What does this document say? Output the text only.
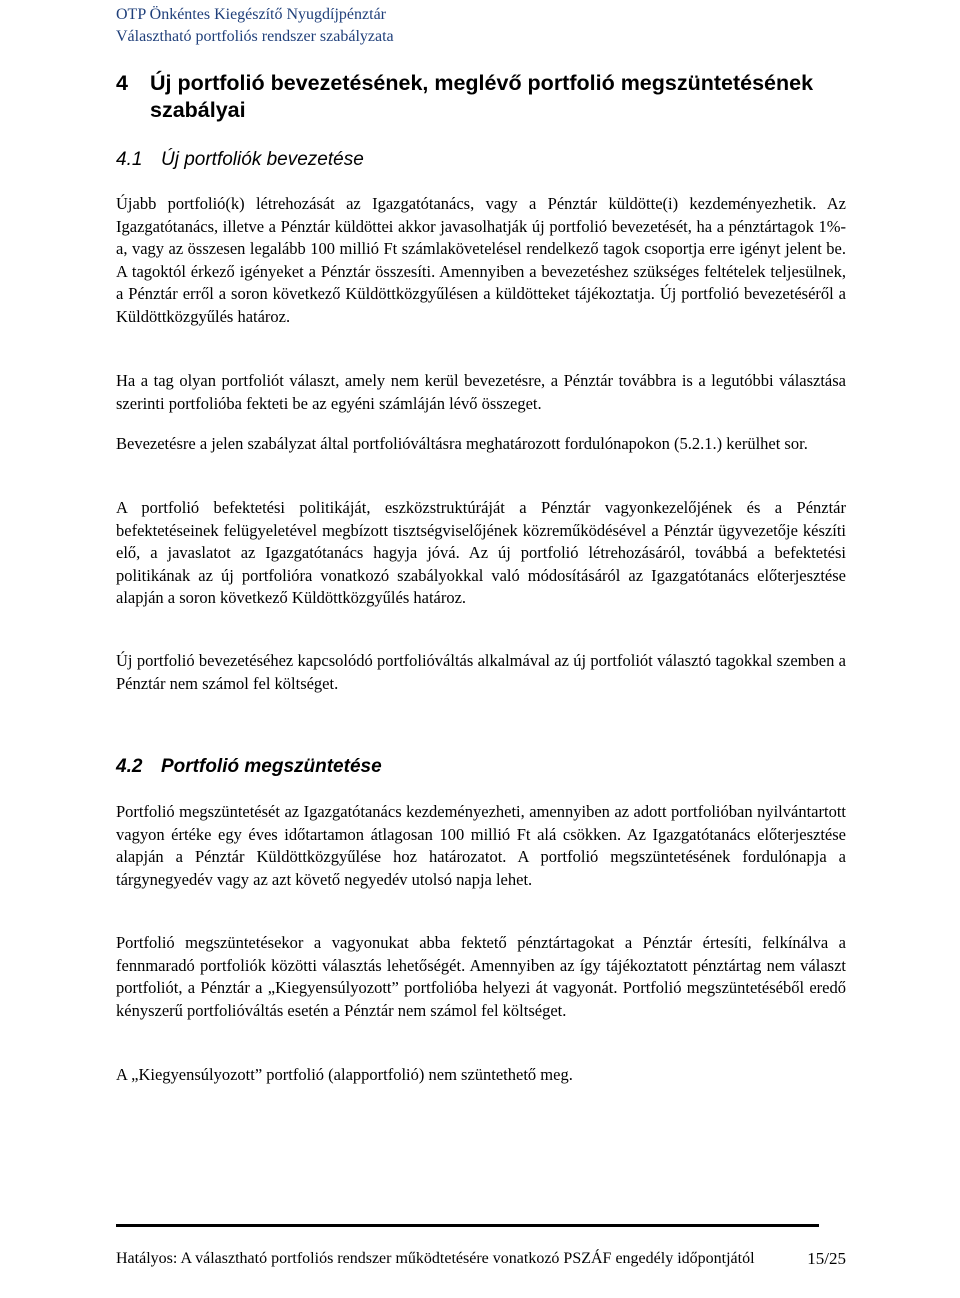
OTP Önkéntes Kiegészítő Nyugdíjpénztár
Választható portfoliós rendszer szabályzata
4 Új portfolió bevezetésének, meglévő portfolió megszüntetésének szabályai
4.1 Új portfoliók bevezetése

Újabb portfolió(k) létrehozását az Igazgatótanács, vagy a Pénztár küldötte(i) kezdeményezhetik. Az Igazgatótanács, illetve a Pénztár küldöttei akkor javasolhatják új portfolió bevezetését, ha a pénztártagok 1%-a, vagy az összesen legalább 100 millió Ft számlakövetelésel rendelkező tagok csoportja erre igényt jelent be. A tagoktól érkező igényeket a Pénztár összesíti. Amennyiben a bevezetéshez szükséges feltételek teljesülnek, a Pénztár erről a soron következő Küldöttközgyűlésen a küldötteket tájékoztatja. Új portfolió bevezetéséről a Küldöttközgyűlés határoz.

Ha a tag olyan portfoliót választ, amely nem kerül bevezetésre, a Pénztár továbbra is a legutóbbi választása szerinti portfolióba fekteti be az egyéni számláján lévő összeget.

Bevezetésre a jelen szabályzat által portfolióváltásra meghatározott fordulónapokon (5.2.1.) kerülhet sor.

A portfolió befektetési politikáját, eszközstruktúráját a Pénztár vagyonkezelőjének és a Pénztár befektetéseinek felügyeletével megbízott tisztségviselőjének közreműködésével a Pénztár ügyvezetője készíti elő, a javaslatot az Igazgatótanács hagyja jóvá. Az új portfolió létrehozásáról, továbbá a befektetési politikának az új portfolióra vonatkozó szabályokkal való módosításáról az Igazgatótanács előterjesztése alapján a soron következő Küldöttközgyűlés határoz.

Új portfolió bevezetéséhez kapcsolódó portfolióváltás alkalmával az új portfoliót választó tagokkal szemben a Pénztár nem számol fel költséget.

4.2 Portfolió megszüntetése

Portfolió megszüntetését az Igazgatótanács kezdeményezheti, amennyiben az adott portfolióban nyilvántartott vagyon értéke egy éves időtartamon átlagosan 100 millió Ft alá csökken. Az Igazgatótanács előterjesztése alapján a Pénztár Küldöttközgyűlése hoz határozatot. A portfolió megszüntetésének fordulónapja a tárgynegyedév vagy az azt követő negyedév utolsó napja lehet.

Portfolió megszüntetésekor a vagyonukat abba fektető pénztártagokat a Pénztár értesíti, felkínálva a fennmaradó portfoliók közötti választás lehetőségét. Amennyiben az így tájékoztatott pénztártag nem választ portfoliót, a Pénztár a „Kiegyensúlyozott” portfolióba helyezi át vagyonát. Portfolió megszüntetéséből eredő kényszerű portfolióváltás esetén a Pénztár nem számol fel költséget.

A „Kiegyensúlyozott” portfolió (alapportfolió) nem szüntethető meg.

Hatályos: A választható portfoliós rendszer működtetésére vonatkozó PSZÁF engedély időpontjától	15/25
